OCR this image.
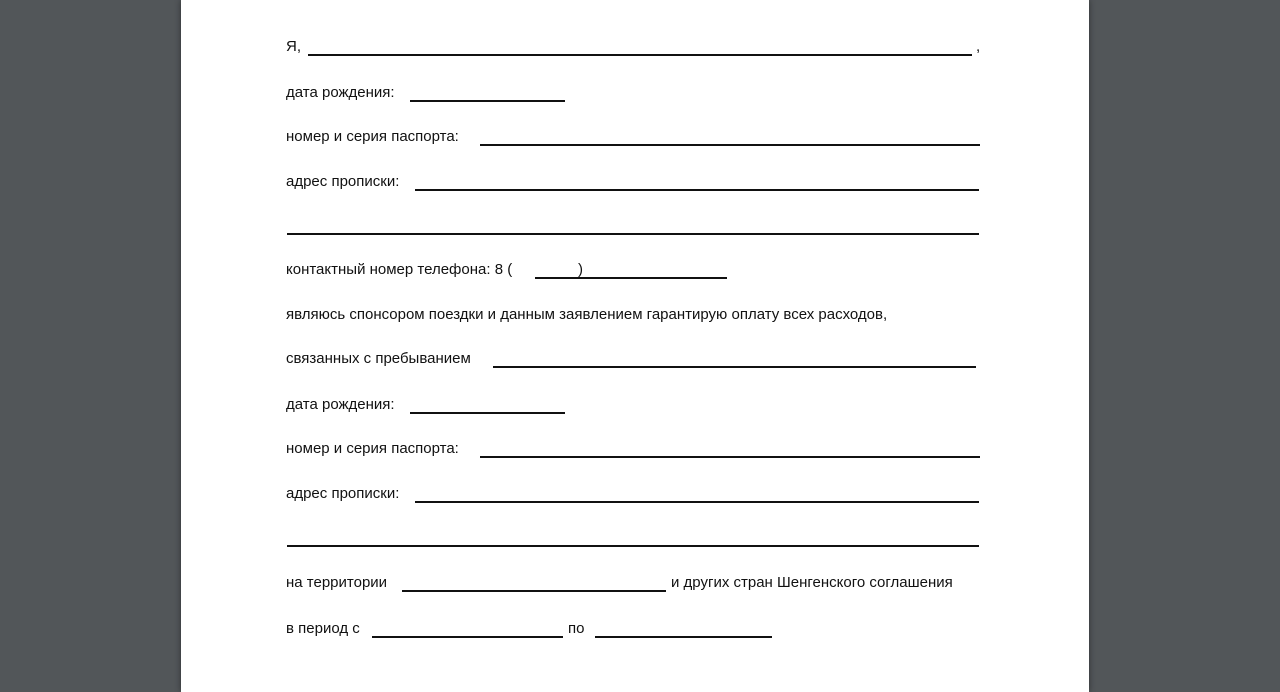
Я,	,
дата рождения:
номер и серия паспорта:
адрес прописки:
контактный номер телефона: 8 (	)
являюсь спонсором поездки и данным заявлением гарантирую оплату всех расходов,
связанных с пребыванием
дата рождения:
номер и серия паспорта:
адрес прописки:
на территории	и других стран Шенгенского соглашения
в период с	по
